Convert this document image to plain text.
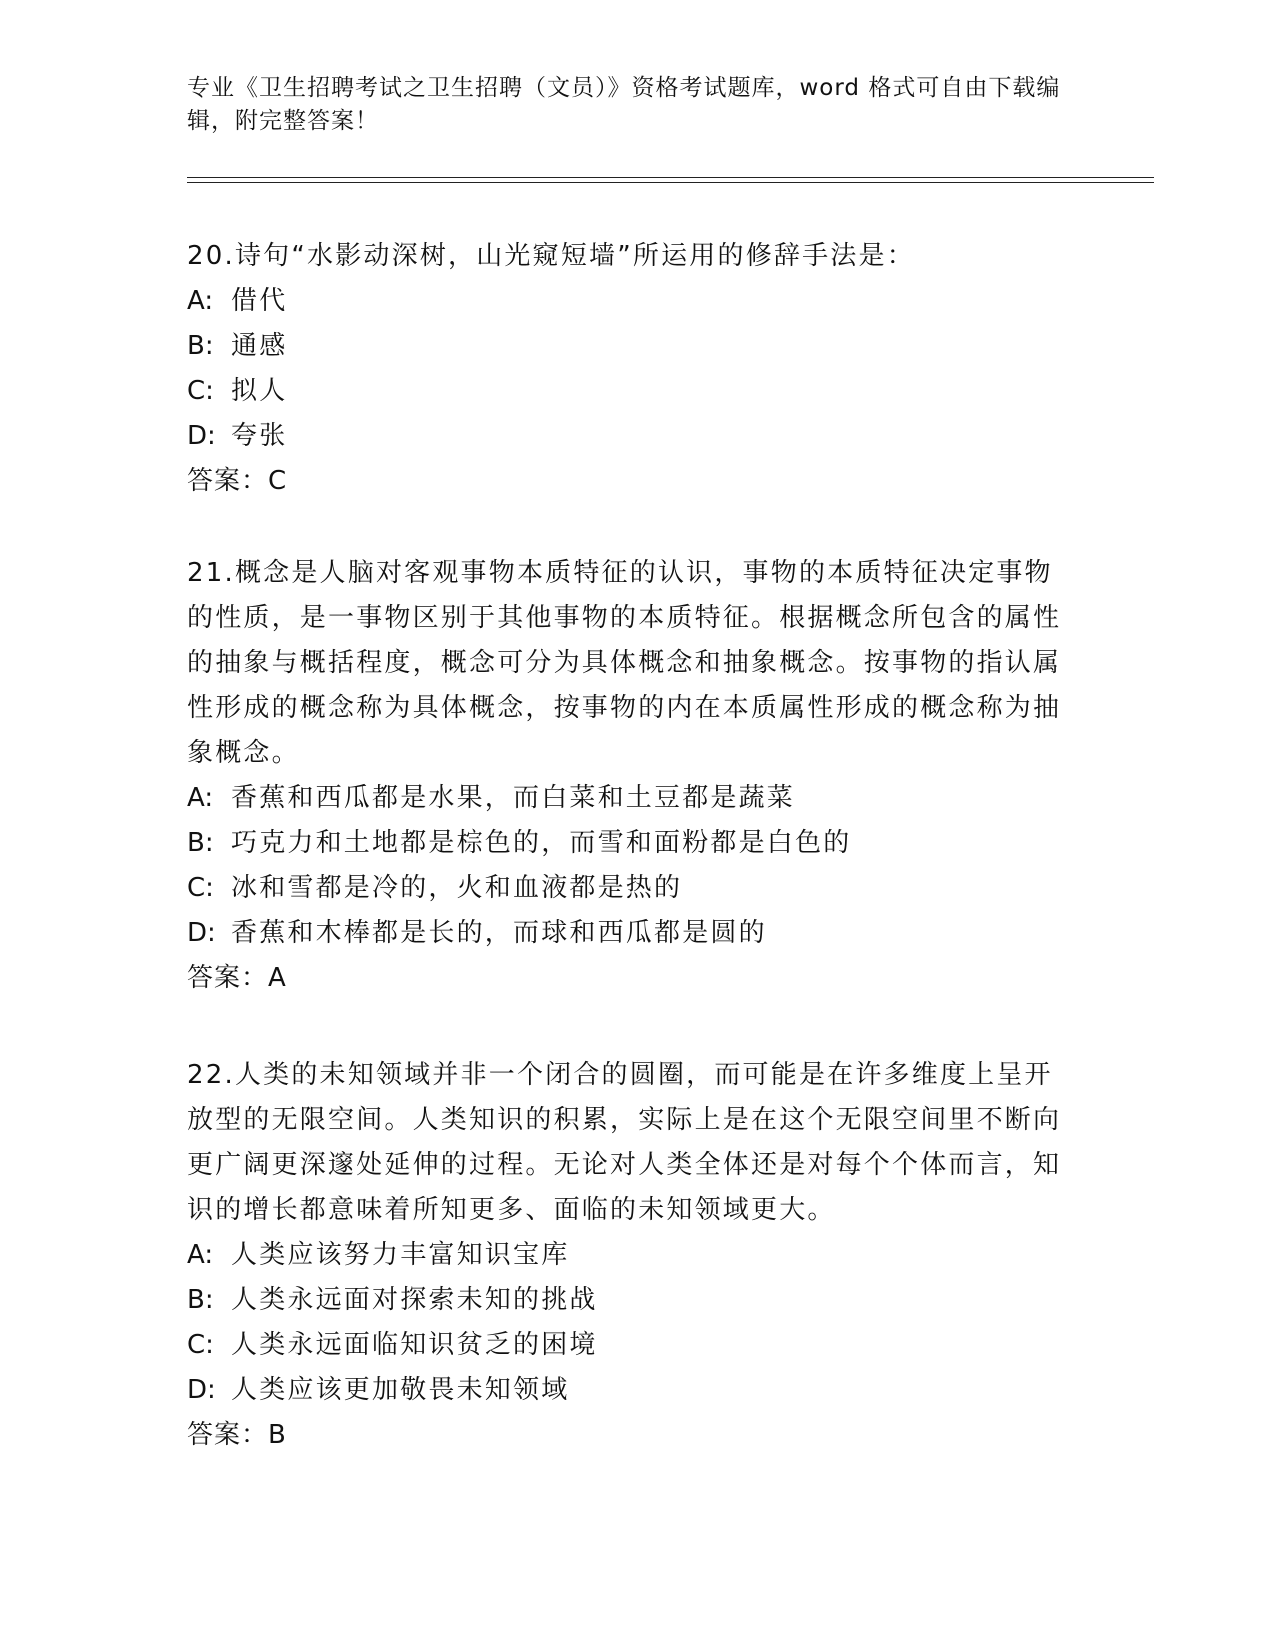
专业《卫生招聘考试之卫生招聘（文员）》资格考试题库，word 格式可自由下载编辑，附完整答案！
20.诗句“水影动深树，山光窥短墙”所运用的修辞手法是：
A: 借代
B: 通感
C: 拟人
D: 夸张
答案：C
21.概念是人脑对客观事物本质特征的认识，事物的本质特征决定事物的性质，是一事物区别于其他事物的本质特征。根据概念所包含的属性的抽象与概括程度，概念可分为具体概念和抽象概念。按事物的指认属性形成的概念称为具体概念，按事物的内在本质属性形成的概念称为抽象概念。
A: 香蕉和西瓜都是水果，而白菜和土豆都是蔬菜
B: 巧克力和土地都是棕色的，而雪和面粉都是白色的
C: 冰和雪都是冷的，火和血液都是热的
D: 香蕉和木棒都是长的，而球和西瓜都是圆的
答案：A
22.人类的未知领域并非一个闭合的圆圈，而可能是在许多维度上呈开放型的无限空间。人类知识的积累，实际上是在这个无限空间里不断向更广阔更深邃处延伸的过程。无论对人类全体还是对每个个体而言，知识的增长都意味着所知更多、面临的未知领域更大。
A: 人类应该努力丰富知识宝库
B: 人类永远面对探索未知的挑战
C: 人类永远面临知识贫乏的困境
D: 人类应该更加敬畏未知领域
答案：B
